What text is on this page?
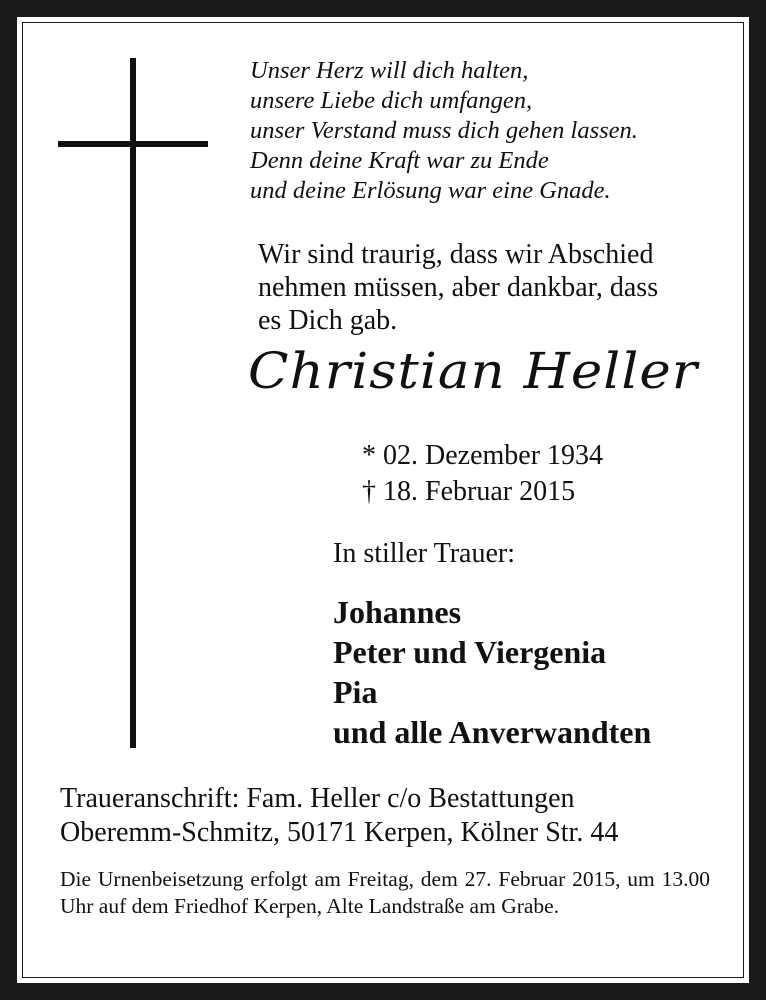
Unser Herz will dich halten,
unsere Liebe dich umfangen,
unser Verstand muss dich gehen lassen.
Denn deine Kraft war zu Ende
und deine Erlösung war eine Gnade.
Wir sind traurig, dass wir Abschied
nehmen müssen, aber dankbar, dass
es Dich gab.
Christian Heller
* 02. Dezember 1934
† 18. Februar 2015
In stiller Trauer:
Johannes
Peter und Viergenia
Pia
und alle Anverwandten
Traueranschrift: Fam. Heller c/o Bestattungen
Oberemm-Schmitz, 50171 Kerpen, Kölner Str. 44
Die Urnenbeisetzung erfolgt am Freitag, dem 27. Februar 2015, um 13.00 Uhr auf dem Friedhof Kerpen, Alte Landstraße am Grabe.
